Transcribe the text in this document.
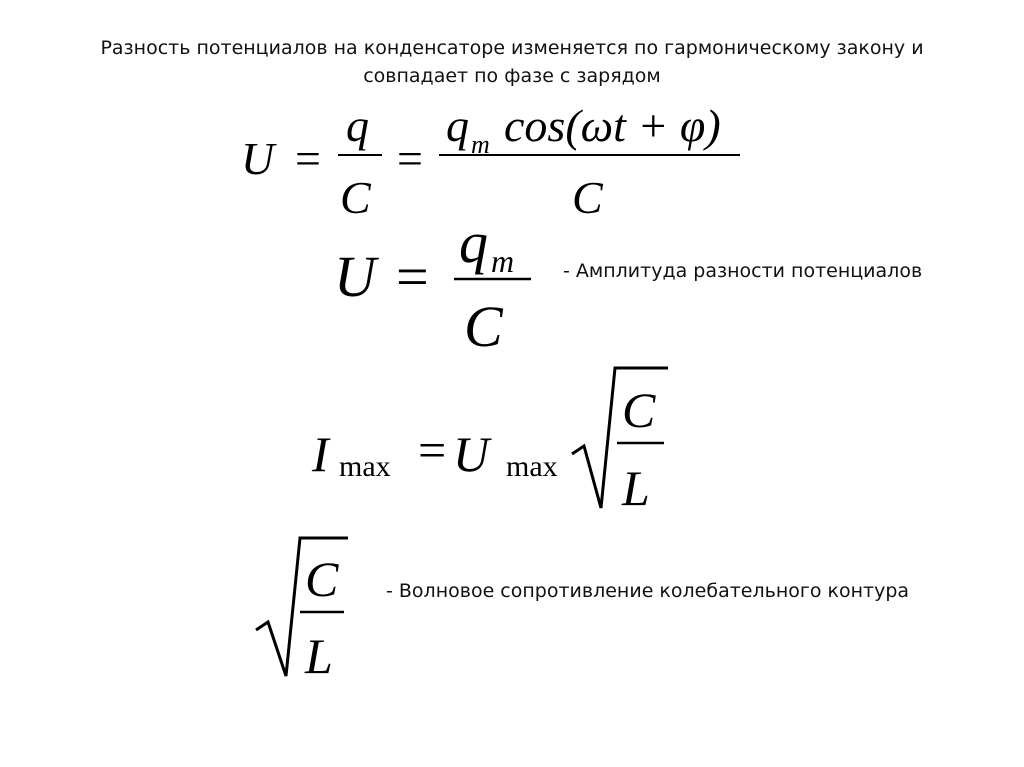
Разность потенциалов на конденсаторе изменяется по гармоническому закону и
совпадает по фазе с зарядом
U =
q
C
=
q m cos(ωt + φ)
C
U =
q m
C
I max = U max
C
L
C
L
- Амплитуда разности потенциалов
- Волновое сопротивление колебательного контура
